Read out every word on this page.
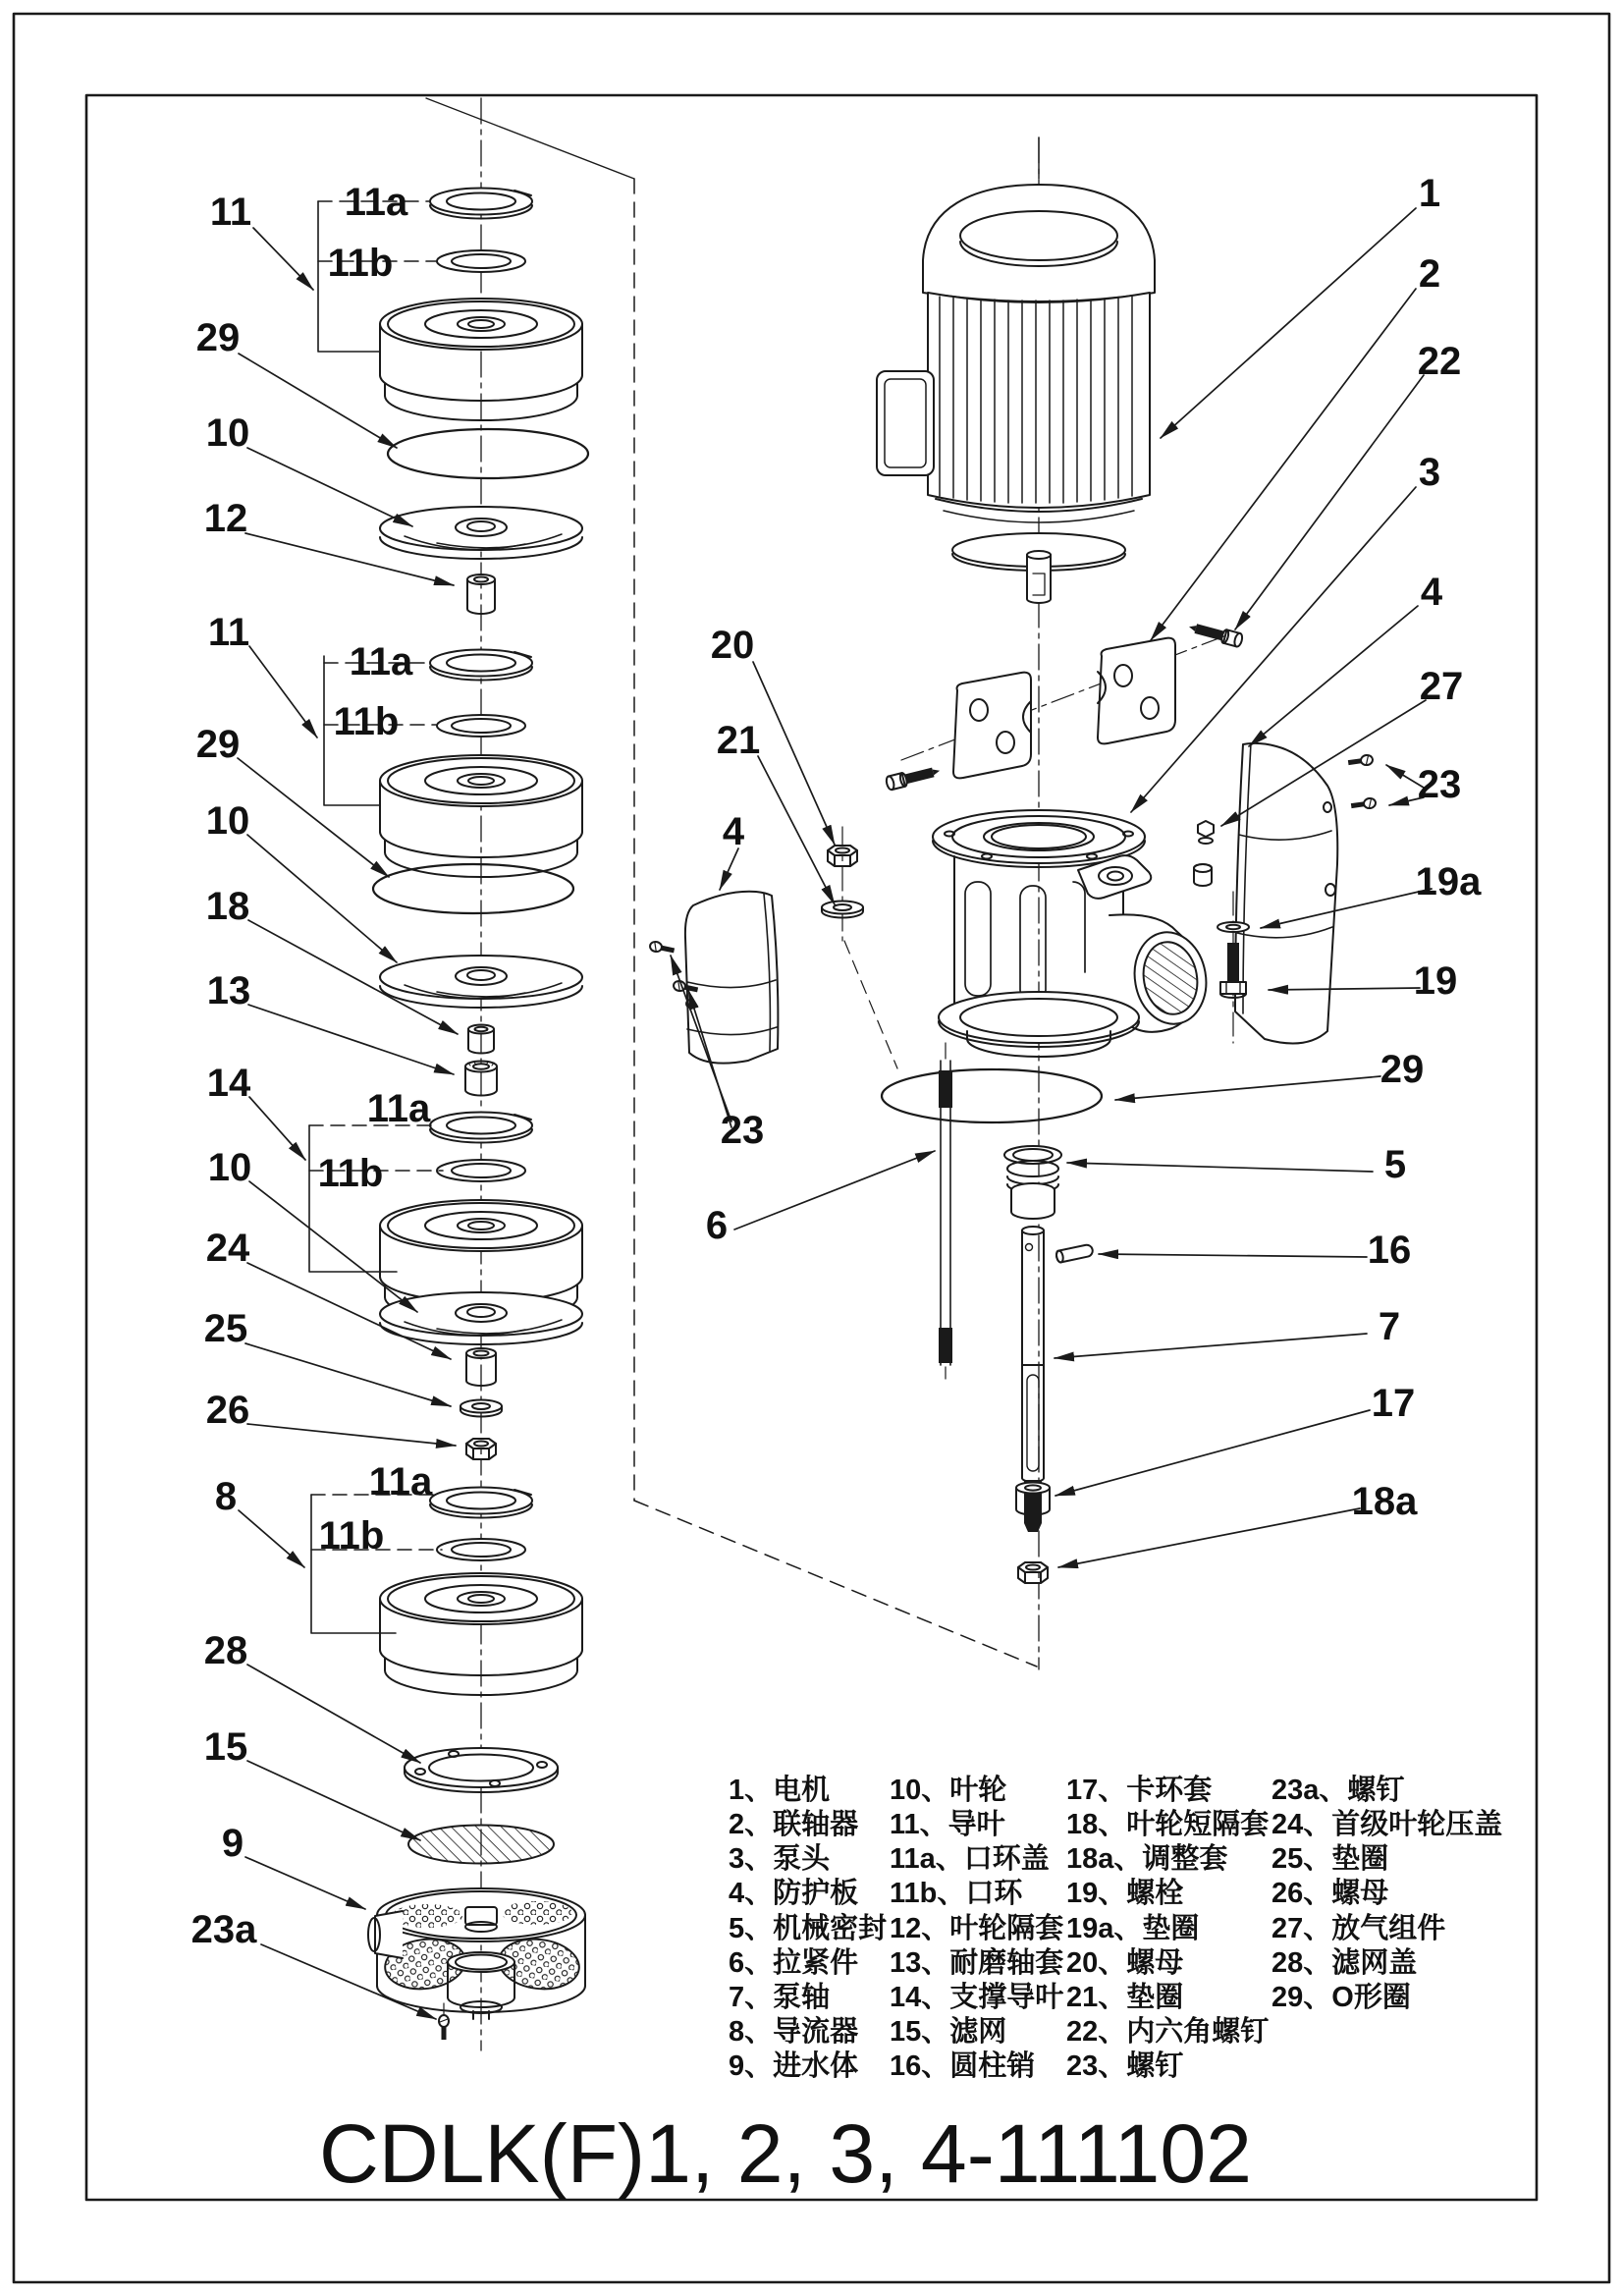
11 11a
11b
29
10
12
11
11a
11b
29
10
18
13
14
11a
11b
10
24
25
26
8	11a
11b
28
15
9
23a
1
2
22
3
4
27
23
19a
19
29
5
16
7
17
18a
20
21
4
23
6
1、电机
2、联轴器
3、泵头
4、防护板
5、机械密封
6、拉紧件
7、泵轴
8、导流器
9、进水体
10、叶轮
11、导叶
11a、口环盖
11b、口环
12、叶轮隔套
13、耐磨轴套
14、支撑导叶
15、滤网
16、圆柱销
17、卡环套
18、叶轮短隔套
18a、调整套
19、螺栓
19a、垫圈
20、螺母
21、垫圈
22、内六角螺钉
23、螺钉
23a、螺钉
24、首级叶轮压盖
25、垫圈
26、螺母
27、放气组件
28、滤网盖
29、O形圈
CDLK(F)1, 2, 3, 4-111102
